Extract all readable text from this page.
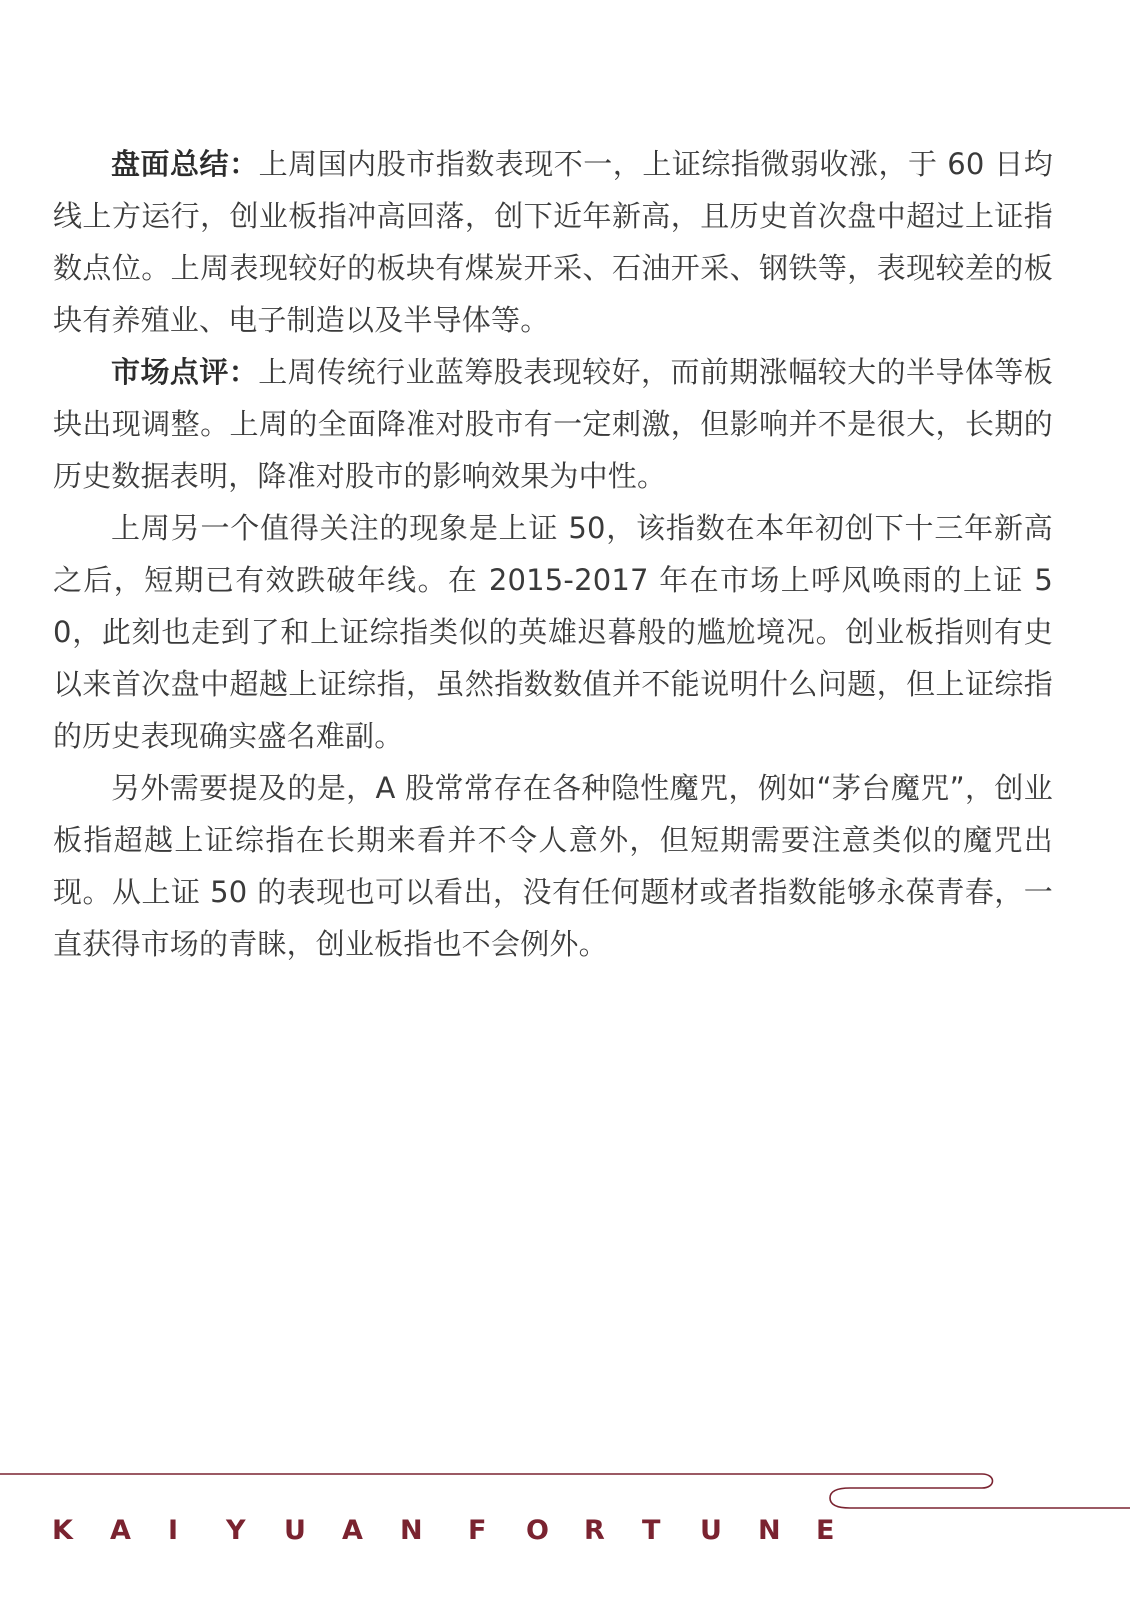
盘面总结：上周国内股市指数表现不一，上证综指微弱收涨，于 60 日均线上方运行，创业板指冲高回落，创下近年新高，且历史首次盘中超过上证指数点位。上周表现较好的板块有煤炭开采、石油开采、钢铁等，表现较差的板块有养殖业、电子制造以及半导体等。

市场点评：上周传统行业蓝筹股表现较好，而前期涨幅较大的半导体等板块出现调整。上周的全面降准对股市有一定刺激，但影响并不是很大，长期的历史数据表明，降准对股市的影响效果为中性。

上周另一个值得关注的现象是上证 50，该指数在本年初创下十三年新高之后，短期已有效跌破年线。在 2015-2017 年在市场上呼风唤雨的上证 50，此刻也走到了和上证综指类似的英雄迟暮般的尴尬境况。创业板指则有史以来首次盘中超越上证综指，虽然指数数值并不能说明什么问题，但上证综指的历史表现确实盛名难副。

另外需要提及的是，A 股常常存在各种隐性魔咒，例如“茅台魔咒”，创业板指超越上证综指在长期来看并不令人意外，但短期需要注意类似的魔咒出现。从上证 50 的表现也可以看出，没有任何题材或者指数能够永葆青春，一直获得市场的青睐，创业板指也不会例外。

K	A	I	Y	U	A	N	F	O	R	T	U	N	E
